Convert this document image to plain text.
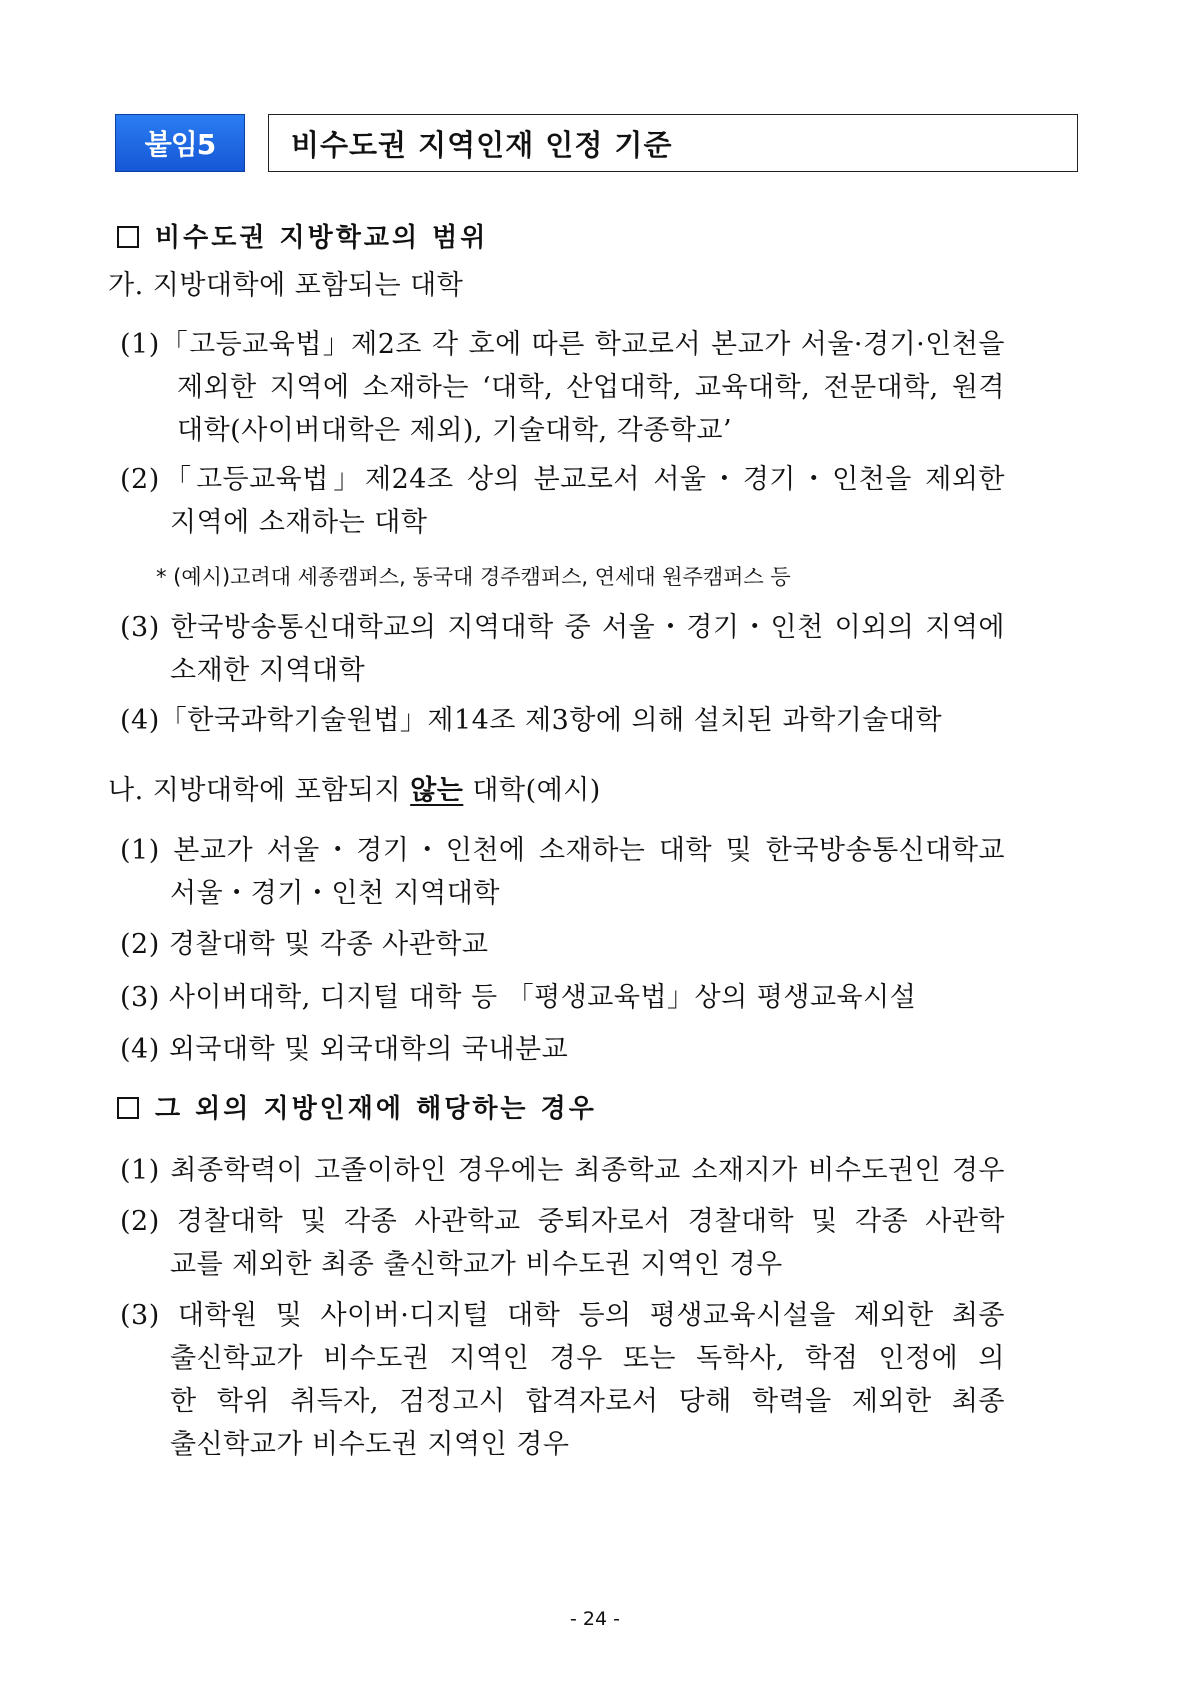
붙임5	비수도권 지역인재 인정 기준
비수도권 지방학교의 범위
가. 지방대학에 포함되는 대학
(1)「고등교육법」제2조 각 호에 따른 학교로서 본교가 서울·경기·인천을
제외한 지역에 소재하는 ‘대학, 산업대학, 교육대학, 전문대학, 원격
대학(사이버대학은 제외), 기술대학, 각종학교’
(2)「고등교육법」제24조 상의 분교로서 서울・경기・인천을 제외한
지역에 소재하는 대학
* (예시)고려대 세종캠퍼스, 동국대 경주캠퍼스, 연세대 원주캠퍼스 등
(3) 한국방송통신대학교의 지역대학 중 서울・경기・인천 이외의 지역에
소재한 지역대학
(4)「한국과학기술원법」제14조 제3항에 의해 설치된 과학기술대학
나. 지방대학에 포함되지 않는 대학(예시)
(1) 본교가 서울・경기・인천에 소재하는 대학 및 한국방송통신대학교
서울・경기・인천 지역대학
(2) 경찰대학 및 각종 사관학교
(3) 사이버대학, 디지털 대학 등 「평생교육법」상의 평생교육시설
(4) 외국대학 및 외국대학의 국내분교
그 외의 지방인재에 해당하는 경우
(1) 최종학력이 고졸이하인 경우에는 최종학교 소재지가 비수도권인 경우
(2) 경찰대학 및 각종 사관학교 중퇴자로서 경찰대학 및 각종 사관학
교를 제외한 최종 출신학교가 비수도권 지역인 경우
(3) 대학원 및 사이버·디지털 대학 등의 평생교육시설을 제외한 최종
출신학교가 비수도권 지역인 경우 또는 독학사, 학점 인정에 의
한 학위 취득자, 검정고시 합격자로서 당해 학력을 제외한 최종
출신학교가 비수도권 지역인 경우
- 24 -
